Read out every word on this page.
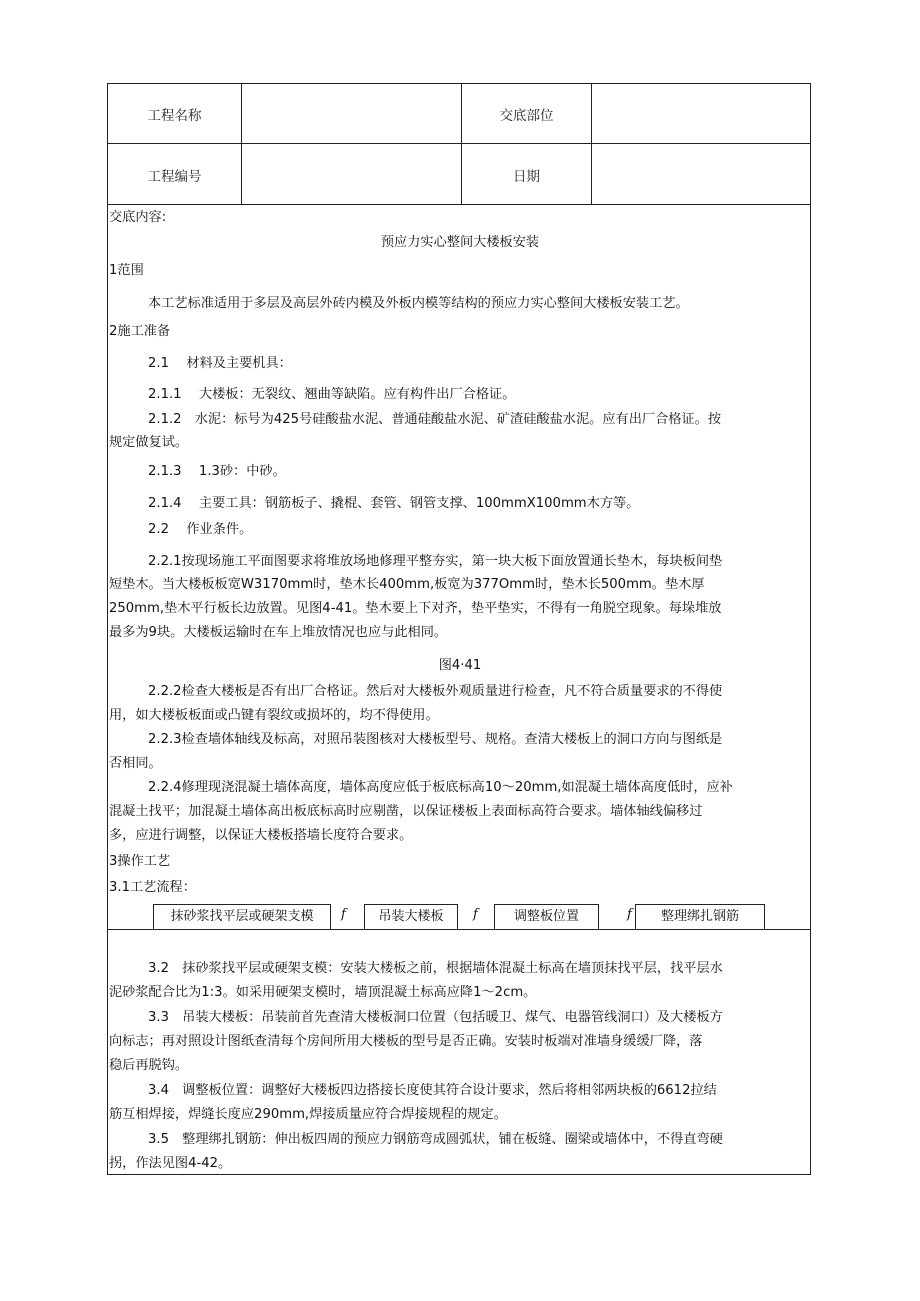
工程名称	交底部位
工程编号	日期
交底内容:
预应力实心整间大楼板安装
1范围
本工艺标准适用于多层及高层外砖内模及外板内模等结构的预应力实心整间大楼板安装工艺。
2施工准备
2.1　 材料及主要机具：
2.1.1　 大楼板：无裂纹、翘曲等缺陷。应有构件出厂合格证。
2.1.2　水泥：标号为425号硅酸盐水泥、普通硅酸盐水泥、矿渣硅酸盐水泥。应有出厂合格证。按
规定做复试。
2.1.3　 1.3砂：中砂。
2.1.4　 主要工具：钢筋板子、撬棍、套管、钢管支撑、100mmX100mm木方等。
2.2　 作业条件。
2.2.1按现场施工平面图要求将堆放场地修理平整夯实，第一块大板下面放置通长垫木，每块板间垫
短垫木。当大楼板板宽W3170mm时，垫木长400mm,板宽为377Omm时，垫木长500mm。垫木厚
250mm,垫木平行板长边放置。见图4-41。垫木要上下对齐，垫平垫实，不得有一角脱空现象。每垛堆放
最多为9块。大楼板运输时在车上堆放情况也应与此相同。
图4·41
2.2.2检查大楼板是否有出厂合格证。然后对大楼板外观质量进行检查，凡不符合质量要求的不得使
用，如大楼板板面或凸键有裂纹或损坏的，均不得使用。
2.2.3检查墙体轴线及标高，对照吊装图核对大楼板型号、规格。查清大楼板上的洞口方向与图纸是
否相同。
2.2.4修理现浇混凝土墙体高度，墙体高度应低于板底标高10～20mm,如混凝土墙体高度低时，应补
混凝土找平；加混凝土墙体高出板底标高时应剔凿，以保证楼板上表面标高符合要求。墙体轴线偏移过
多，应进行调整，以保证大楼板搭墙长度符合要求。
3操作工艺
3.1工艺流程：
抹砂浆找平层或硬架支模	f	吊装大楼板	f	调整板位置	f	整理绑扎钢筋
3.2　抹砂浆找平层或硬架支模：安装大楼板之前，根据墙体混凝土标高在墙顶抹找平层，找平层水
泥砂浆配合比为1:3。如采用硬架支模时，墙顶混凝土标高应降1～2cm。
3.3　吊装大楼板：吊装前首先查清大楼板洞口位置（包括暖卫、煤气、电器管线洞口）及大楼板方
向标志；再对照设计图纸查清每个房间所用大楼板的型号是否正确。安装时板端对准墙身缓缓厂降，落
稳后再脱钩。
3.4　调整板位置：调整好大楼板四边搭接长度使其符合设计要求，然后将相邻两块板的6612拉结
筋互相焊接，焊缝长度应290mm,焊接质量应符合焊接规程的规定。
3.5　整理绑扎钢筋：伸出板四周的预应力钢筋弯成圆弧状，铺在板缝、圈梁或墙体中，不得直弯硬
拐，作法见图4-42。
